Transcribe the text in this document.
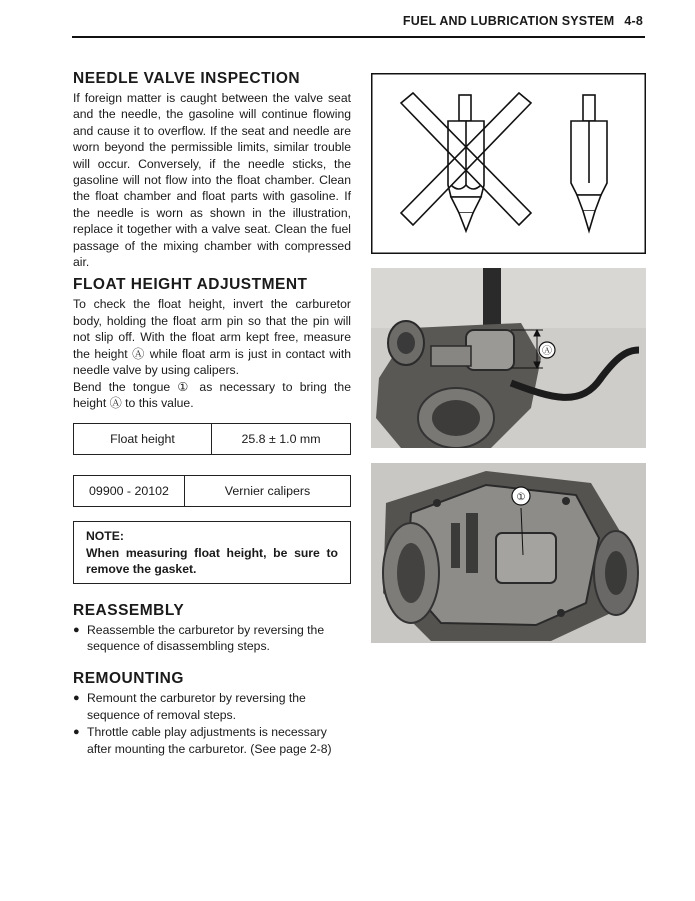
FUEL AND LUBRICATION SYSTEM 4-8
NEEDLE VALVE INSPECTION

If foreign matter is caught between the valve seat and the needle, the gasoline will continue flowing and cause it to overflow. If the seat and needle are worn beyond the permissible limits, similar trouble will occur. Conversely, if the needle sticks, the gasoline will not flow into the float chamber. Clean the float chamber and float parts with gasoline. If the needle is worn as shown in the illustration, replace it together with a valve seat. Clean the fuel passage of the mixing chamber with compressed air.

FLOAT HEIGHT ADJUSTMENT

To check the float height, invert the carburetor body, holding the float arm pin so that the pin will not slip off. With the float arm kept free, measure the height Ⓐ while float arm is just in contact with needle valve by using calipers.

Bend the tongue ① as necessary to bring the height Ⓐ to this value.

Float height	25.8 ± 1.0 mm
09900 - 20102	Vernier calipers
NOTE:
When measuring float height, be sure to remove the gasket.
REASSEMBLY
● Reassemble the carburetor by reversing the sequence of disassembling steps.
REMOUNTING
● Remount the carburetor by reversing the sequence of removal steps.
● Throttle cable play adjustments is necessary after mounting the carburetor. (See page 2-8)
Ⓐ
①
